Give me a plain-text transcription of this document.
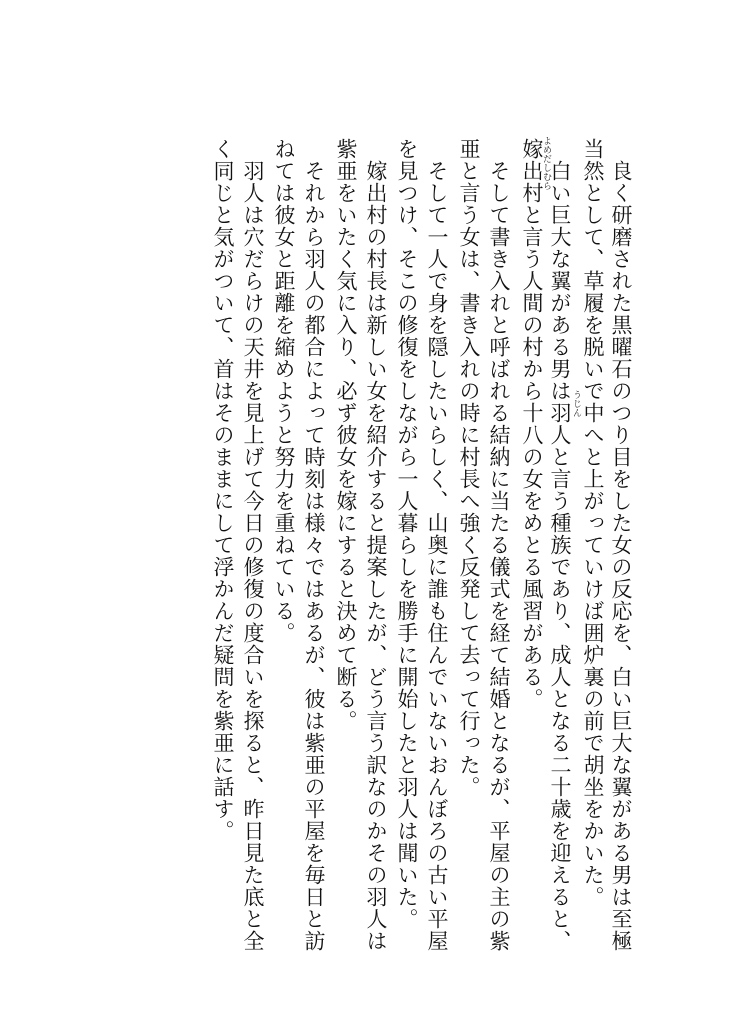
　良く研磨された黒曜石のつり目をした女の反応を、白い巨大な翼がある男は至極
当然として、草履を脱いで中へと上がっていけば囲炉裏の前で胡坐をかいた。
　白い巨大な翼がある男は羽人と言う種族であり、成人となる二十歳を迎えると、
嫁出村と言う人間の村から十八の女をめとる風習がある。
　そして書き入れと呼ばれる結納に当たる儀式を経て結婚となるが、平屋の主の紫
亜と言う女は、書き入れの時に村長へ強く反発して去って行った。
　そして一人で身を隠したいらしく、山奥に誰も住んでいないおんぼろの古い平屋
を見つけ、そこの修復をしながら一人暮らしを勝手に開始したと羽人は聞いた。
　嫁出村の村長は新しい女を紹介すると提案したが、どう言う訳なのかその羽人は
紫亜をいたく気に入り、必ず彼女を嫁にすると決めて断る。
　それから羽人の都合によって時刻は様々ではあるが、彼は紫亜の平屋を毎日と訪
ねては彼女と距離を縮めようと努力を重ねている。
　羽人は穴だらけの天井を見上げて今日の修復の度合いを探ると、昨日見た底と全
く同じと気がついて、首はそのままにして浮かんだ疑問を紫亜に話す。	うじん
よめだしむら
